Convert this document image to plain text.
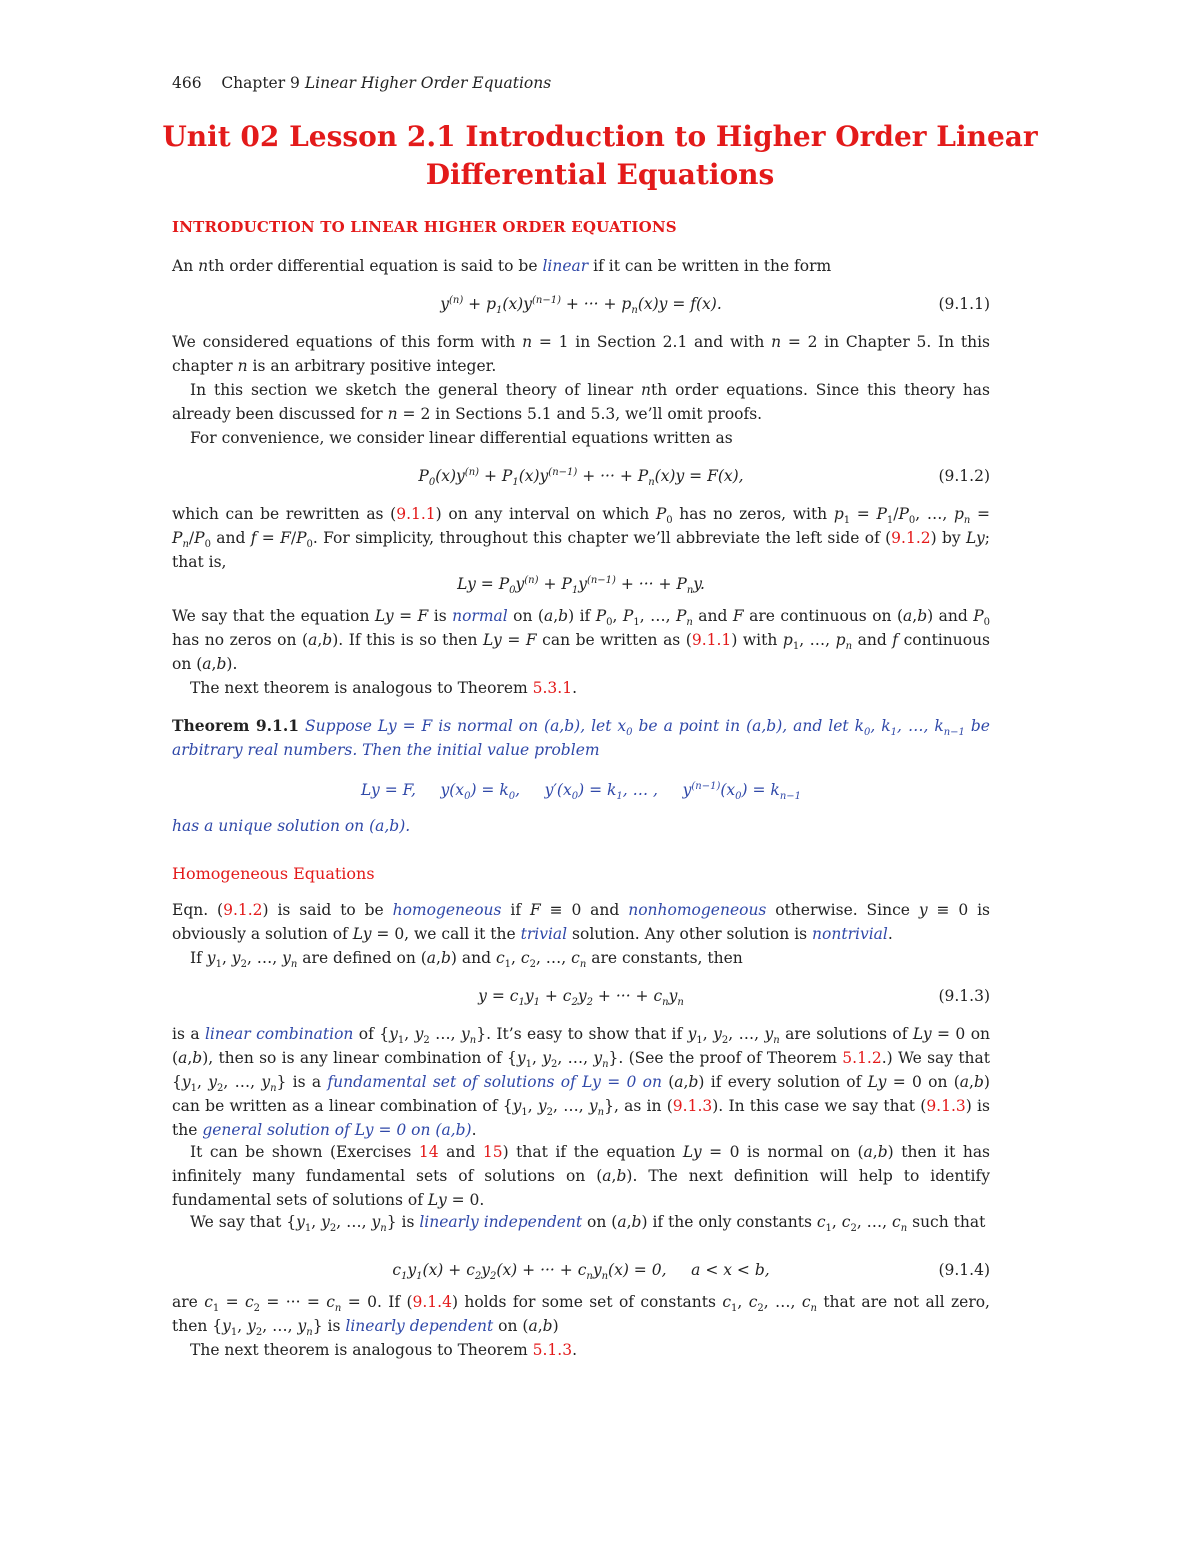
466 Chapter 9 Linear Higher Order Equations
Unit 02 Lesson 2.1 Introduction to Higher Order Linear
Differential Equations
INTRODUCTION TO LINEAR HIGHER ORDER EQUATIONS
An nth order differential equation is said to be linear if it can be written in the form
$y^{(n)} + p_1(x)y^{(n-1)}$ + ··· + $p_n(x)y = f(x)$.	(9.1.1)
We considered equations of this form with n = 1 in Section 2.1 and with n = 2 in Chapter 5. In this chapter n is an arbitrary positive integer.
In this section we sketch the general theory of linear nth order equations. Since this theory has already been discussed for n = 2 in Sections 5.1 and 5.3, we’ll omit proofs.
For convenience, we consider linear differential equations written as
$P_0(x)y^{(n)} + P_1(x)y^{(n-1)}$ + ··· + $P_n(x)y = F(x)$,	(9.1.2)
which can be rewritten as (9.1.1) on any interval on which $P_0$ has no zeros, with $p_1 = P_1/P_0$, …, $p_n = P_n/P_0$ and $f = F/P_0$. For simplicity, throughout this chapter we’ll abbreviate the left side of (9.1.2) by Ly; that is,
$Ly = P_0y^{(n)} + P_1y^{(n-1)}$ + ··· + $P_ny$.
We say that the equation Ly = F is normal on (a,b) if $P_0$, $P_1$, …, $P_n$ and F are continuous on (a,b) and $P_0$ has no zeros on (a,b). If this is so then Ly = F can be written as (9.1.1) with $p_1$, …, $p_n$ and f continuous on (a,b).
The next theorem is analogous to Theorem 5.3.1.
Theorem 9.1.1 Suppose Ly = F is normal on (a,b), let $x_0$ be a point in (a,b), and let $k_0$, $k_1$, …, $k_{n-1}$ be arbitrary real numbers. Then the initial value problem
Ly = F,     $y(x_0) = k_0$,     $y'(x_0) = k_1$, … ,     $y^{(n-1)}(x_0) = k_{n-1}$
has a unique solution on (a,b).
Homogeneous Equations
Eqn. (9.1.2) is said to be homogeneous if F ≡ 0 and nonhomogeneous otherwise. Since y ≡ 0 is obviously a solution of Ly = 0, we call it the trivial solution. Any other solution is nontrivial.
If $y_1$, $y_2$, …, $y_n$ are defined on (a,b) and $c_1$, $c_2$, …, $c_n$ are constants, then
$y = c_1y_1 + c_2y_2$ + ··· + $c_ny_n$	(9.1.3)
is a linear combination of {$y_1$, $y_2$ …, $y_n$}. It’s easy to show that if $y_1$, $y_2$, …, $y_n$ are solutions of Ly = 0 on (a,b), then so is any linear combination of {$y_1$, $y_2$, …, $y_n$}. (See the proof of Theorem 5.1.2.) We say that {$y_1$, $y_2$, …, $y_n$} is a fundamental set of solutions of Ly = 0 on (a,b) if every solution of Ly = 0 on (a,b) can be written as a linear combination of {$y_1$, $y_2$, …, $y_n$}, as in (9.1.3). In this case we say that (9.1.3) is the general solution of Ly = 0 on (a,b).
It can be shown (Exercises 14 and 15) that if the equation Ly = 0 is normal on (a,b) then it has infinitely many fundamental sets of solutions on (a,b). The next definition will help to identify fundamental sets of solutions of Ly = 0.
We say that {$y_1$, $y_2$, …, $y_n$} is linearly independent on (a,b) if the only constants $c_1$, $c_2$, …, $c_n$ such that
$c_1y_1(x) + c_2y_2(x)$ + ··· + $c_ny_n(x) = 0$,     a < x < b,	(9.1.4)
are $c_1 = c_2$ = ··· = $c_n = 0$. If (9.1.4) holds for some set of constants $c_1$, $c_2$, …, $c_n$ that are not all zero, then {$y_1$, $y_2$, …, $y_n$} is linearly dependent on (a,b)
The next theorem is analogous to Theorem 5.1.3.
